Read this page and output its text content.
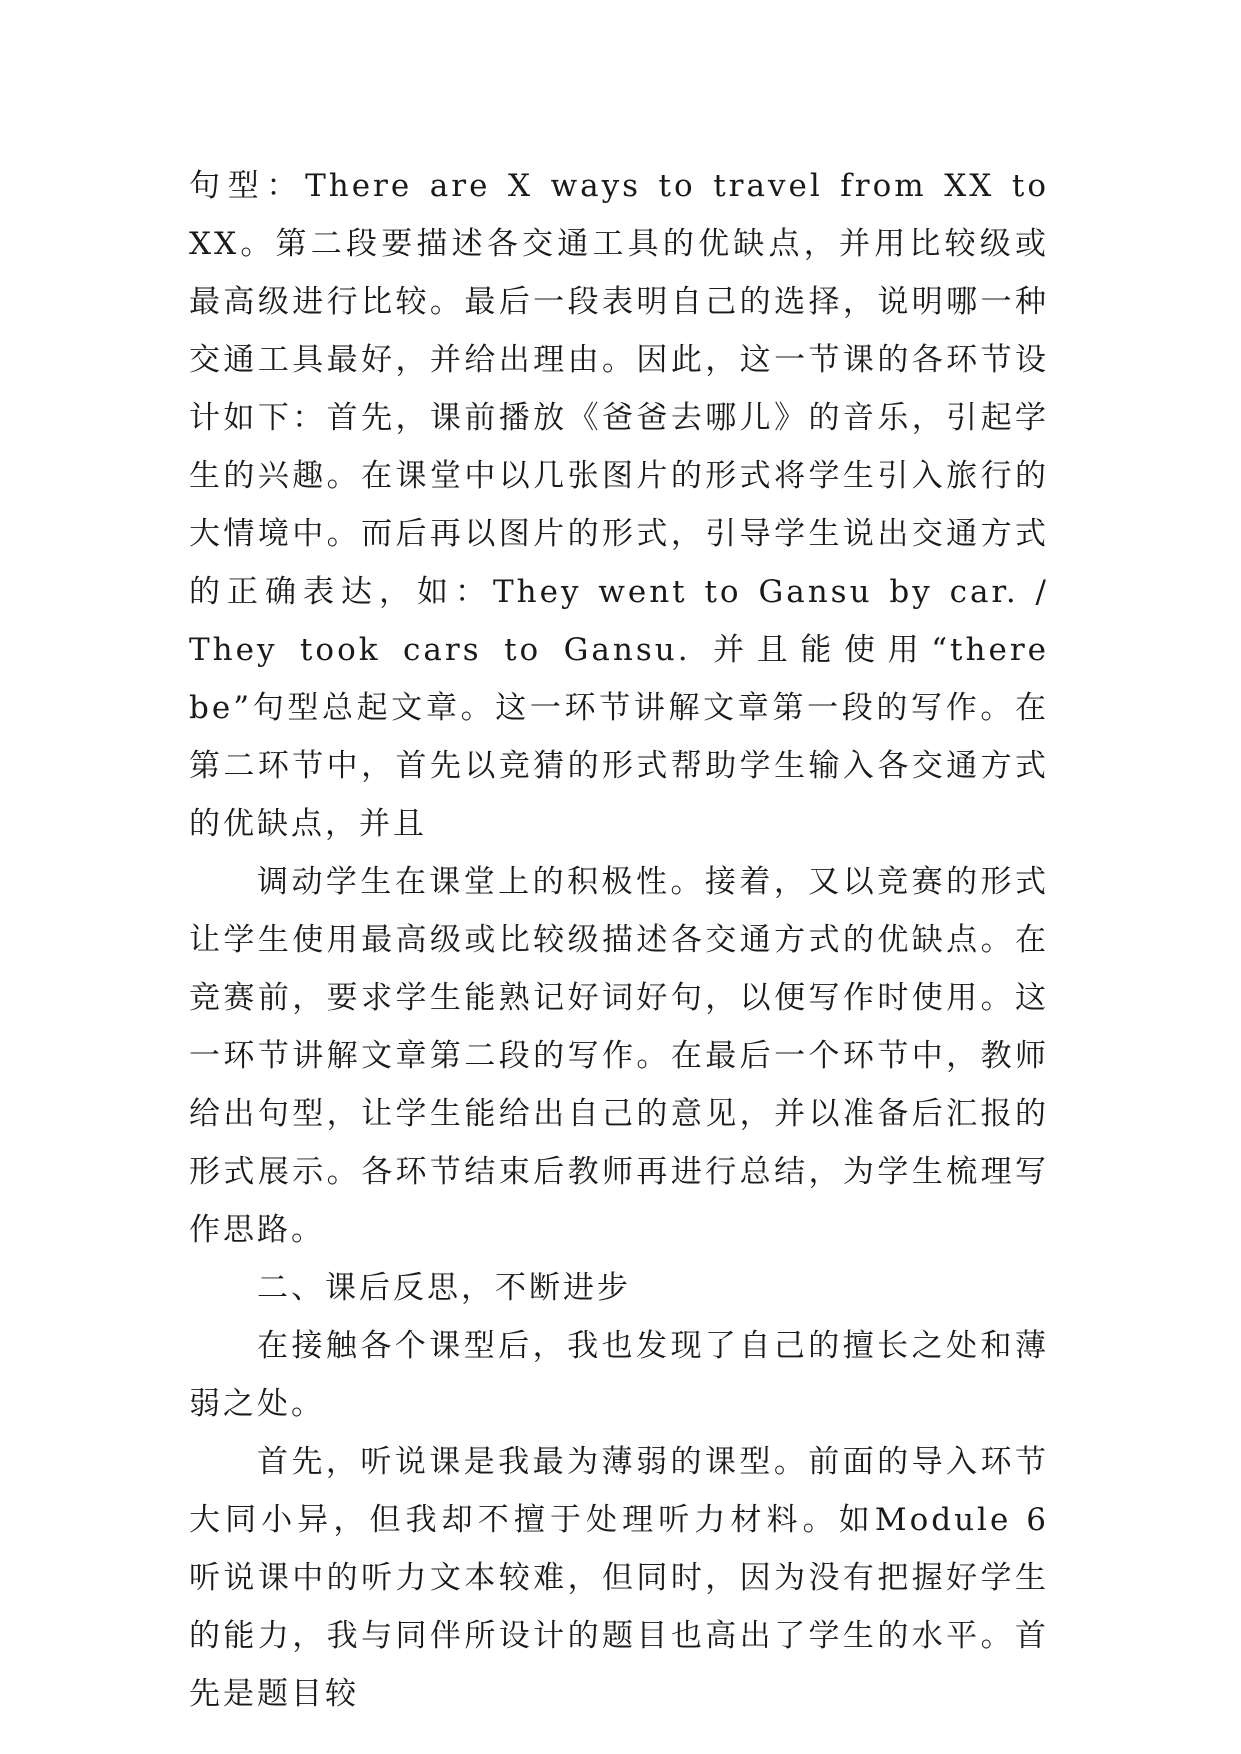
句型：There are X ways to travel from XX to XX。第二段要描述各交通工具的优缺点，并用比较级或最高级进行比较。最后一段表明自己的选择，说明哪一种交通工具最好，并给出理由。因此，这一节课的各环节设计如下：首先，课前播放《爸爸去哪儿》的音乐，引起学生的兴趣。在课堂中以几张图片的形式将学生引入旅行的大情境中。而后再以图片的形式，引导学生说出交通方式的正确表达，如：They went to Gansu by car. / They took cars to Gansu. 并且能使用“there be”句型总起文章。这一环节讲解文章第一段的写作。在第二环节中，首先以竞猜的形式帮助学生输入各交通方式的优缺点，并且

调动学生在课堂上的积极性。接着，又以竞赛的形式让学生使用最高级或比较级描述各交通方式的优缺点。在竞赛前，要求学生能熟记好词好句，以便写作时使用。这一环节讲解文章第二段的写作。在最后一个环节中，教师给出句型，让学生能给出自己的意见，并以准备后汇报的形式展示。各环节结束后教师再进行总结，为学生梳理写作思路。

二、课后反思，不断进步

在接触各个课型后，我也发现了自己的擅长之处和薄弱之处。

首先，听说课是我最为薄弱的课型。前面的导入环节大同小异，但我却不擅于处理听力材料。如Module 6 听说课中的听力文本较难，但同时，因为没有把握好学生的能力，我与同伴所设计的题目也高出了学生的水平。首先是题目较
